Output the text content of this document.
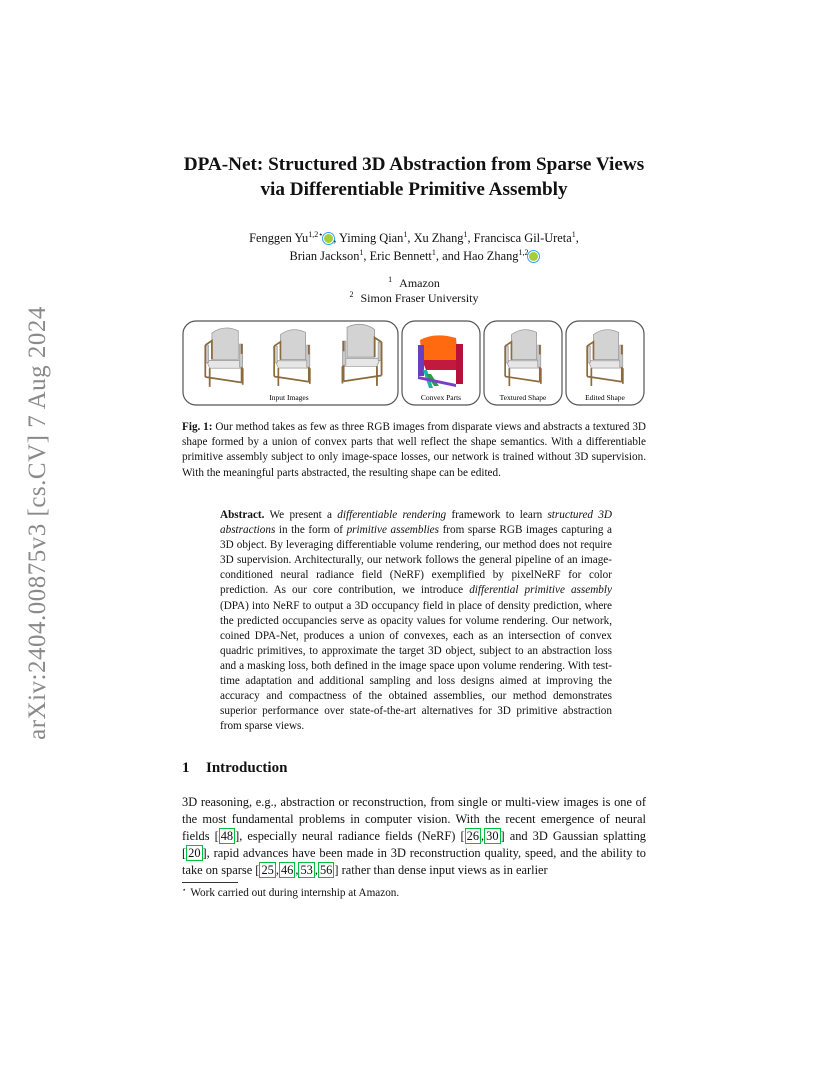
arXiv:2404.00875v3 [cs.CV] 7 Aug 2024
DPA-Net: Structured 3D Abstraction from Sparse Views
via Differentiable Primitive Assembly
Fenggen $Yu^{1,2⋆}$ , Yiming Qian$^1$, Xu Zhang$^1$, Francisca Gil-Ureta$^1$,
Brian Jackson$^1$, Eric Bennett$^1$, and Hao Zhang$^{1,2}$
$^1$ Amazon
$^2$ Simon Fraser University
Input Images	Convex Parts	Textured Shape	Edited Shape

Fig. 1: Our method takes as few as three RGB images from disparate views and abstracts a textured 3D shape formed by a union of convex parts that well reflect the shape semantics. With a differentiable primitive assembly subject to only image-space losses, our network is trained without 3D supervision. With the meaningful parts abstracted, the resulting shape can be edited.

Abstract. We present a differentiable rendering framework to learn structured 3D abstractions in the form of primitive assemblies from sparse RGB images capturing a 3D object. By leveraging differentiable volume rendering, our method does not require 3D supervision. Architecturally, our network follows the general pipeline of an image-conditioned neural radiance field (NeRF) exemplified by pixelNeRF for color prediction. As our core contribution, we introduce differential primitive assembly (DPA) into NeRF to output a 3D occupancy field in place of density prediction, where the predicted occupancies serve as opacity values for volume rendering. Our network, coined DPA-Net, produces a union of convexes, each as an intersection of convex quadric primitives, to approximate the target 3D object, subject to an abstraction loss and a masking loss, both defined in the image space upon volume rendering. With test-time adaptation and additional sampling and loss designs aimed at improving the accuracy and compactness of the obtained assemblies, our method demonstrates superior performance over state-of-the-art alternatives for 3D primitive abstraction from sparse views.

1 Introduction

3D reasoning, e.g., abstraction or reconstruction, from single or multi-view images is one of the most fundamental problems in computer vision. With the recent emergence of neural fields [ 48 ], especially neural radiance fields (NeRF) [ 26 , 30 ] and 3D Gaussian splatting [ 20 ], rapid advances have been made in 3D reconstruction quality, speed, and the ability to take on sparse [ 25 , 46 , 53 , 56 ] rather than dense input views as in earlier

⋆ Work carried out during internship at Amazon.
